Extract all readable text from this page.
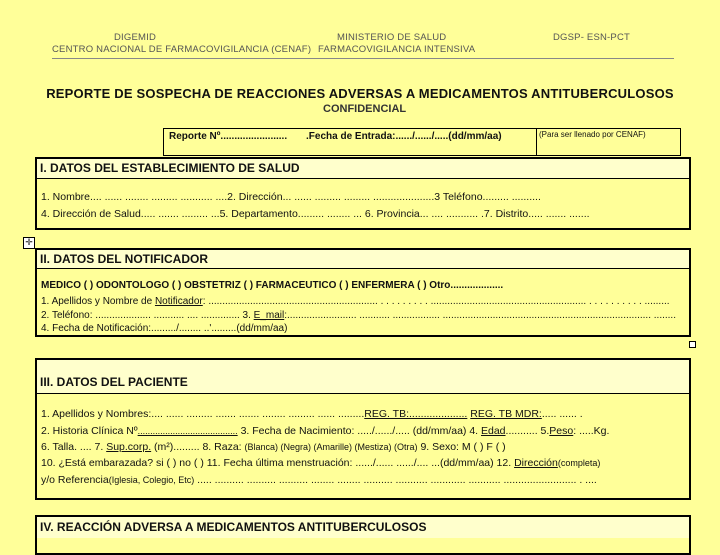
DIGEMID
CENTRO NACIONAL DE FARMACOVIGILANCIA (CENAF)
MINISTERIO DE SALUD
FARMACOVIGILANCIA INTENSIVA
DGSP- ESN-PCT
REPORTE DE SOSPECHA DE REACCIONES ADVERSAS A MEDICAMENTOS ANTITUBERCULOSOS
CONFIDENCIAL
Reporte Nº........................ .Fecha de Entrada:....../....../.....(dd/mm/aa)	(Para ser llenado por CENAF)
I. DATOS DEL ESTABLECIMIENTO DE SALUD
1. Nombre.... ...... ........ ......... ........... ....2. Dirección... ...... ......... ......... .....................3 Teléfono......... ..........
4. Dirección de Salud..... ....... ......... ...5. Departamento......... ........ ... 6. Provincia... .... ........... .7. Distrito..... ....... .......
✛
II. DATOS DEL NOTIFICADOR
MEDICO ( ) ODONTOLOGO ( ) OBSTETRIZ ( ) FARMACEUTICO ( ) ENFERMERA ( ) Otro...................
1. Apellidos y Nombre de Notificador: ............................................................. . . . . . . . . . ........................................................ . . . . . . . . . . .........
2. Teléfono: .................... ........... .... .............. 3. E_mail:......................... ........... ................. ........................................................................... ........
4. Fecha de Notificación:........./........ ..'.........(dd/mm/aa)
III. DATOS DEL PACIENTE
1. Apellidos y Nombres:.... ...... ......... ....... ....... ........ ......... ...... .........REG. TB:.................... REG. TB MDR:..... ...... .
2. Historia Clínica Nº........................................ 3. Fecha de Nacimiento: ...../....../..... (dd/mm/aa) 4. Edad........... 5.Peso: .....Kg.
6. Talla. .... 7. Sup.corp. (m²)......... 8. Raza: (Blanca) (Negra) (Amarille) (Mestiza) (Otra) 9. Sexo: M ( ) F ( )
10. ¿Está embarazada? si ( ) no ( ) 11. Fecha última menstruación: ....../...... ....../.... ...(dd/mm/aa) 12. Dirección(completa)
y/o Referencia(Iglesia, Colegio, Etc) ..... .......... .......... .......... ........ ........ .......... ........... ............ ........... ......................... . ....
IV. REACCIÓN ADVERSA A MEDICAMENTOS ANTITUBERCULOSOS
